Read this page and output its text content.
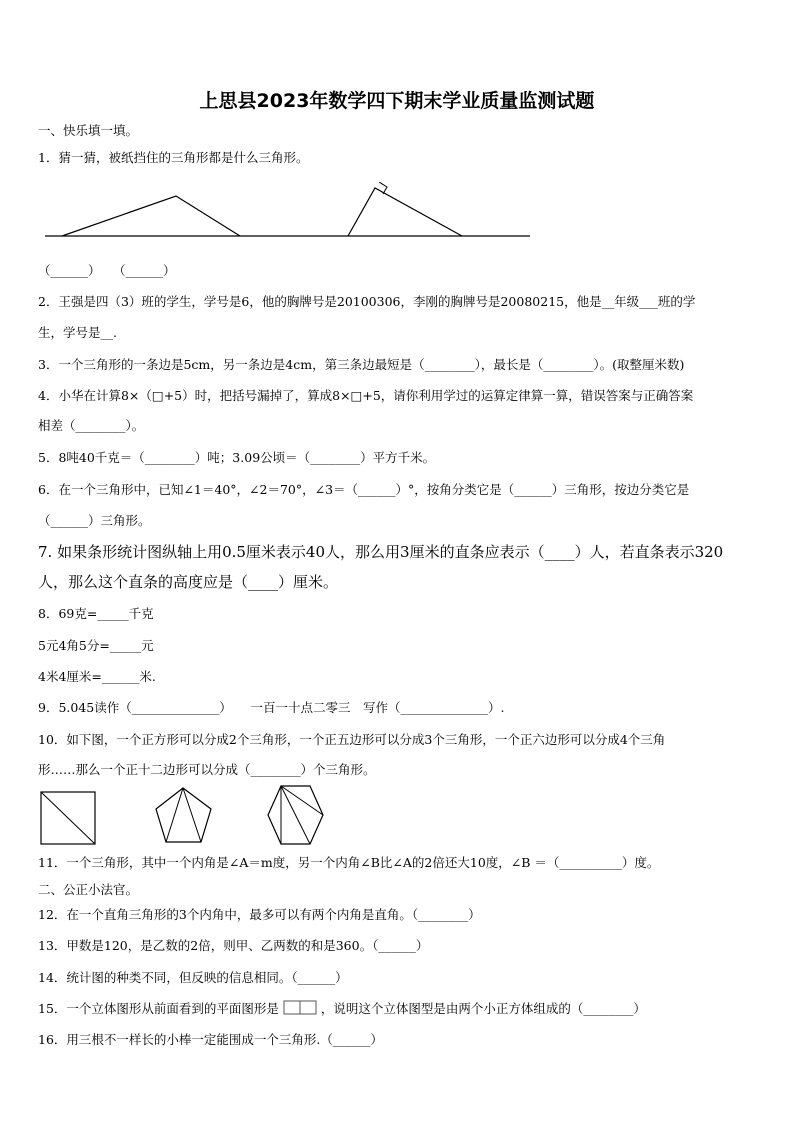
上思县2023年数学四下期末学业质量监测试题
一、快乐填一填。
1．猜一猜，被纸挡住的三角形都是什么三角形。
（______）　　（______）
2．王强是四（3）班的学生，学号是6，他的胸牌号是20100306，李刚的胸牌号是20080215，他是__年级___班的学
生，学号是__.
3．一个三角形的一条边是5cm，另一条边是4cm，第三条边最短是（________），最长是（________）。(取整厘米数)
4．小华在计算8×（□+5）时，把括号漏掉了，算成8×□+5，请你利用学过的运算定律算一算，错误答案与正确答案
相差（________）。
5．8吨40千克＝（________）吨；3.09公顷＝（________）平方千米。
6．在一个三角形中，已知∠1＝40°，∠2＝70°，∠3＝（______）°，按角分类它是（______）三角形，按边分类它是
（______）三角形。
7. 如果条形统计图纵轴上用0.5厘米表示40人，那么用3厘米的直条应表示（____）人，若直条表示320
人，那么这个直条的高度应是（____）厘米。
8．69克=_____千克
5元4角5分=_____元
4米4厘米=______米.
9．5.045读作（______________）　　一百一十点二零三　写作（______________）.
10．如下图，一个正方形可以分成2个三角形，一个正五边形可以分成3个三角形，一个正六边形可以分成4个三角
形……那么一个正十二边形可以分成（________）个三角形。
11．一个三角形，其中一个内角是∠A＝m度，另一个内角∠B比∠A的2倍还大10度，∠B ＝（__________）度。
二、公正小法官。
12．在一个直角三角形的3个内角中，最多可以有两个内角是直角。（________）
13．甲数是120，是乙数的2倍，则甲、乙两数的和是360。（______）
14．统计图的种类不同，但反映的信息相同。（______）
15．一个立体图形从前面看到的平面图形是	，说明这个立体图型是由两个小正方体组成的（________）
16．用三根不一样长的小棒一定能围成一个三角形.（______）
